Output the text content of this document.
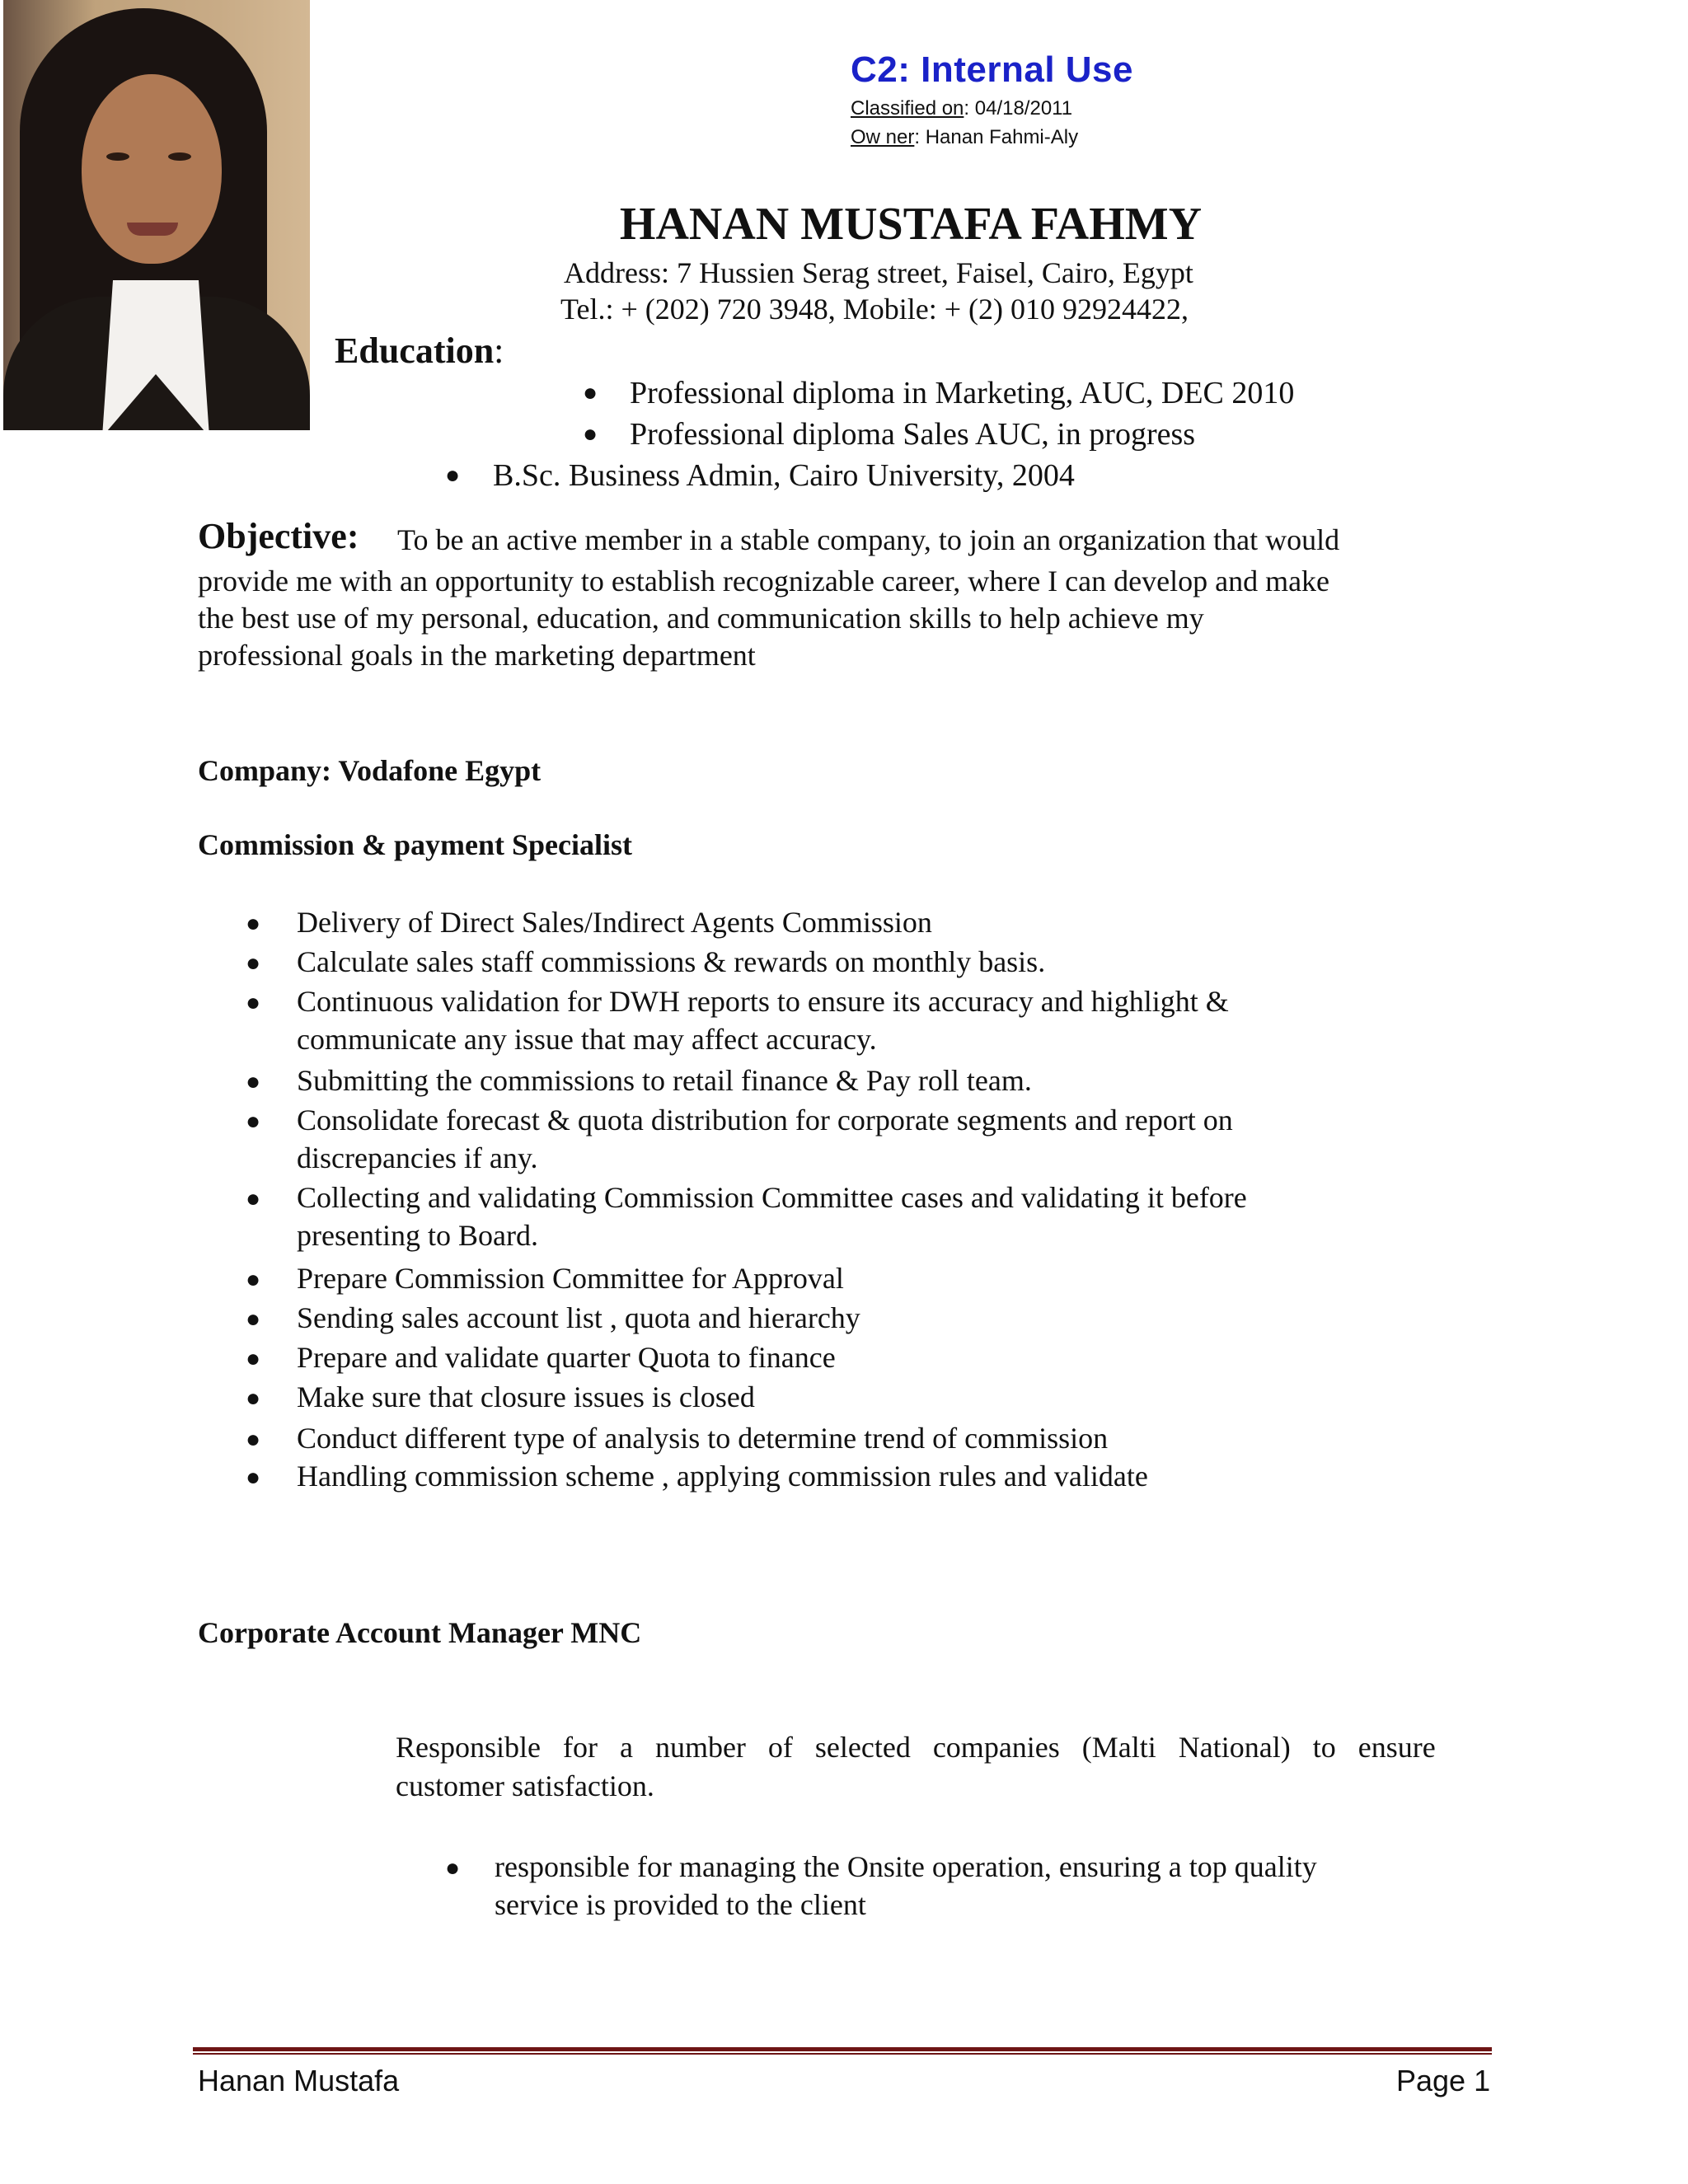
C2: Internal Use
Classified on: 04/18/2011
Ow ner: Hanan Fahmi-Aly
HANAN MUSTAFA FAHMY
Address: 7 Hussien Serag street, Faisel, Cairo, Egypt
Tel.: + (202) 720 3948, Mobile: + (2) 010 92924422,
Education:
● Professional diploma in Marketing, AUC, DEC 2010
● Professional diploma Sales AUC, in progress
● B.Sc. Business Admin, Cairo University, 2004
Objective: To be an active member in a stable company, to join an organization that would
provide me with an opportunity to establish recognizable career, where I can develop and make
the best use of my personal, education, and communication skills to help achieve my
professional goals in the marketing department
Company: Vodafone Egypt
Commission & payment Specialist
● Delivery of Direct Sales/Indirect Agents Commission
● Calculate sales staff commissions & rewards on monthly basis.
● Continuous validation for DWH reports to ensure its accuracy and highlight &
communicate any issue that may affect accuracy.
● Submitting the commissions to retail finance & Pay roll team.
● Consolidate forecast & quota distribution for corporate segments and report on
discrepancies if any.
● Collecting and validating Commission Committee cases and validating it before
presenting to Board.
● Prepare Commission Committee for Approval
● Sending sales account list , quota and hierarchy
● Prepare and validate quarter Quota to finance
● Make sure that closure issues is closed
● Conduct different type of analysis to determine trend of commission
● Handling commission scheme , applying commission rules and validate
Corporate Account Manager MNC
Responsible for a number of selected companies (Malti National) to ensure
customer satisfaction.
● responsible for managing the Onsite operation, ensuring a top quality
service is provided to the client
Hanan Mustafa	Page 1
